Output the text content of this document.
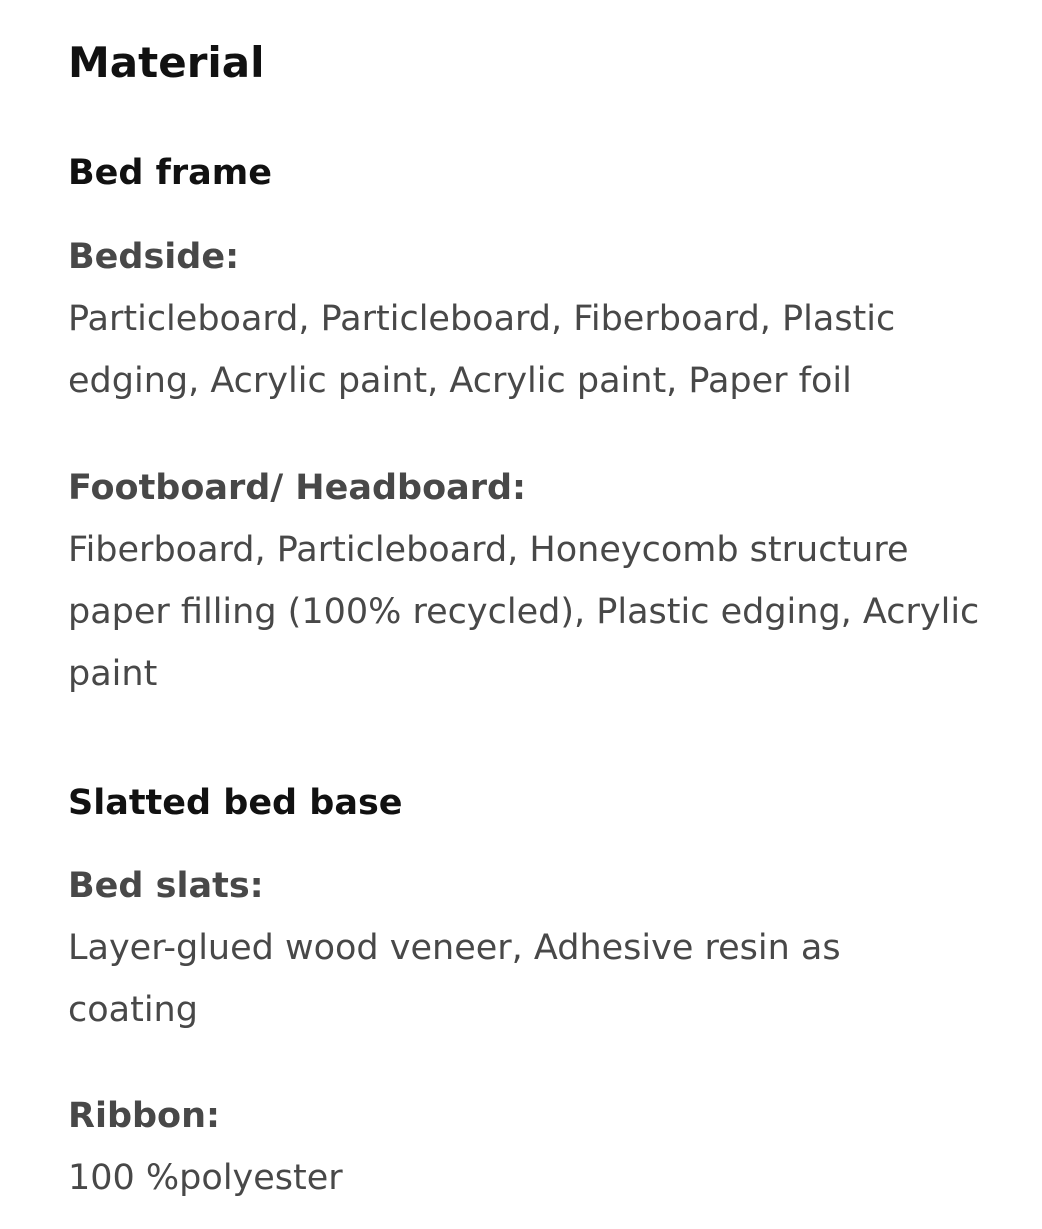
Material
Bed frame

Bedside:

Particleboard, Particleboard, Fiberboard, Plastic
edging, Acrylic paint, Acrylic paint, Paper foil

Footboard/ Headboard:

Fiberboard, Particleboard, Honeycomb structure
paper filling (100% recycled), Plastic edging, Acrylic
paint

Slatted bed base

Bed slats:

Layer-glued wood veneer, Adhesive resin as
coating

Ribbon:

100 %polyester
